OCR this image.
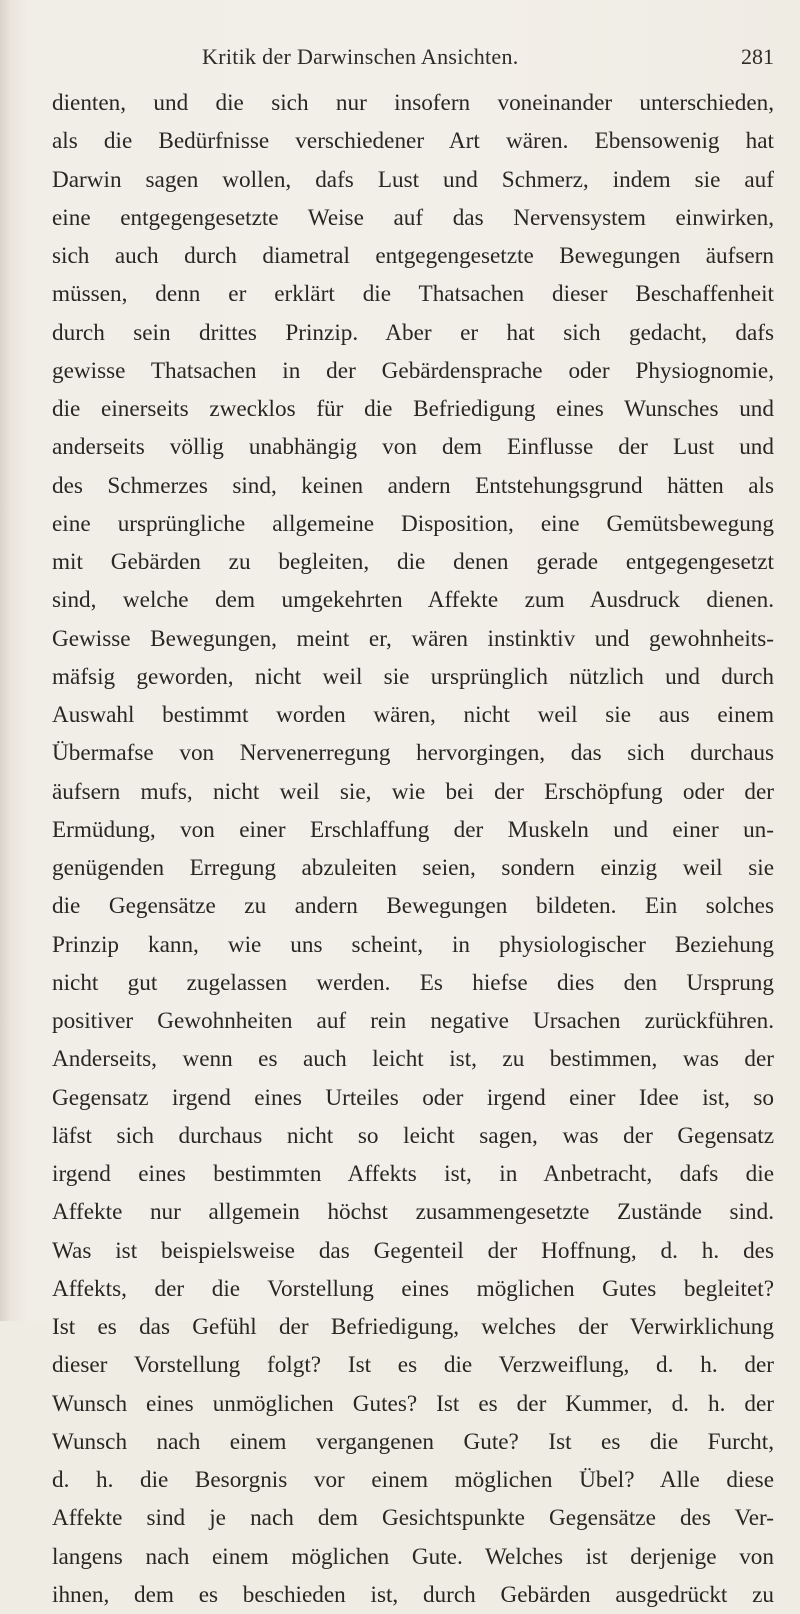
Kritik der Darwinschen Ansichten.	281
dienten, und die sich nur insofern voneinander unterschieden,
als die Bedürfnisse verschiedener Art wären. Ebensowenig hat
Darwin sagen wollen, dafs Lust und Schmerz, indem sie auf
eine entgegengesetzte Weise auf das Nervensystem einwirken,
sich auch durch diametral entgegengesetzte Bewegungen äufsern
müssen, denn er erklärt die Thatsachen dieser Beschaffenheit
durch sein drittes Prinzip. Aber er hat sich gedacht, dafs
gewisse Thatsachen in der Gebärdensprache oder Physiognomie,
die einerseits zwecklos für die Befriedigung eines Wunsches und
anderseits völlig unabhängig von dem Einflusse der Lust und
des Schmerzes sind, keinen andern Entstehungsgrund hätten als
eine ursprüngliche allgemeine Disposition, eine Gemütsbewegung
mit Gebärden zu begleiten, die denen gerade entgegengesetzt
sind, welche dem umgekehrten Affekte zum Ausdruck dienen.
Gewisse Bewegungen, meint er, wären instinktiv und gewohnheits-
mäfsig geworden, nicht weil sie ursprünglich nützlich und durch
Auswahl bestimmt worden wären, nicht weil sie aus einem
Übermafse von Nervenerregung hervorgingen, das sich durchaus
äufsern mufs, nicht weil sie, wie bei der Erschöpfung oder der
Ermüdung, von einer Erschlaffung der Muskeln und einer un-
genügenden Erregung abzuleiten seien, sondern einzig weil sie
die Gegensätze zu andern Bewegungen bildeten. Ein solches
Prinzip kann, wie uns scheint, in physiologischer Beziehung
nicht gut zugelassen werden. Es hiefse dies den Ursprung
positiver Gewohnheiten auf rein negative Ursachen zurückführen.
Anderseits, wenn es auch leicht ist, zu bestimmen, was der
Gegensatz irgend eines Urteiles oder irgend einer Idee ist, so
läfst sich durchaus nicht so leicht sagen, was der Gegensatz
irgend eines bestimmten Affekts ist, in Anbetracht, dafs die
Affekte nur allgemein höchst zusammengesetzte Zustände sind.
Was ist beispielsweise das Gegenteil der Hoffnung, d. h. des
Affekts, der die Vorstellung eines möglichen Gutes begleitet?
Ist es das Gefühl der Befriedigung, welches der Verwirklichung
dieser Vorstellung folgt? Ist es die Verzweiflung, d. h. der
Wunsch eines unmöglichen Gutes? Ist es der Kummer, d. h. der
Wunsch nach einem vergangenen Gute? Ist es die Furcht,
d. h. die Besorgnis vor einem möglichen Übel? Alle diese
Affekte sind je nach dem Gesichtspunkte Gegensätze des Ver-
langens nach einem möglichen Gute. Welches ist derjenige von
ihnen, dem es beschieden ist, durch Gebärden ausgedrückt zu
